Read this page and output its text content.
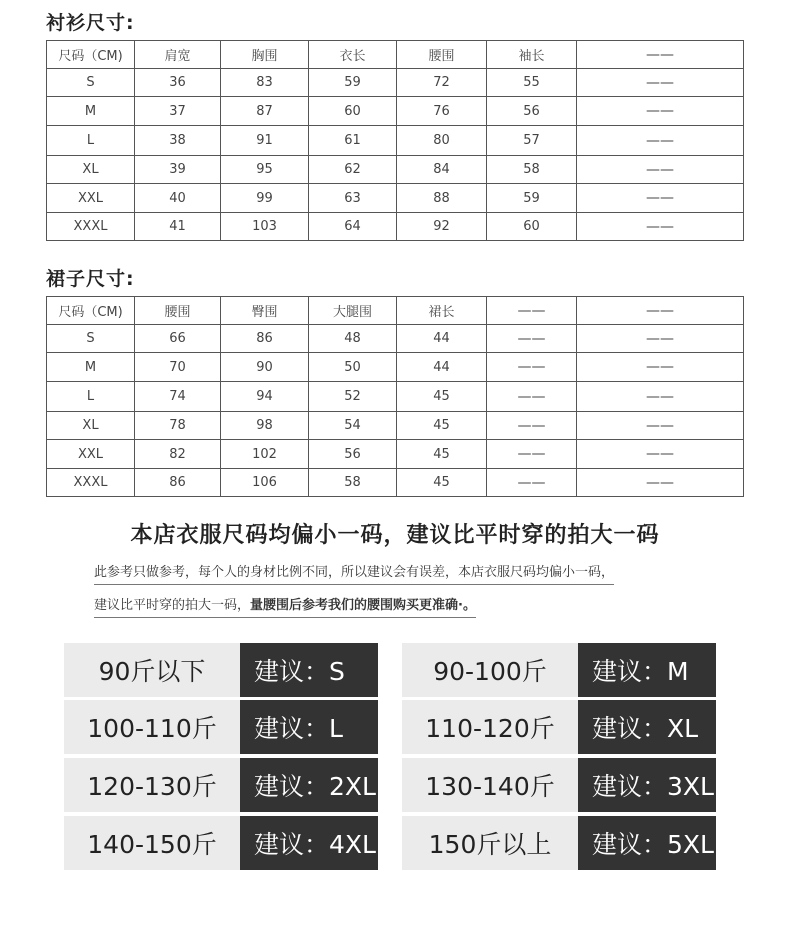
衬衫尺寸:
尺码（CM)	肩宽	胸围	衣长	腰围	袖长	——
S	36	83	59	72	55	——
M	37	87	60	76	56	——
L	38	91	61	80	57	——
XL	39	95	62	84	58	——
XXL	40	99	63	88	59	——
XXXL	41	103	64	92	60	——
裙子尺寸:
尺码（CM)	腰围	臀围	大腿围	裙长	——	——
S	66	86	48	44	——	——
M	70	90	50	44	——	——
L	74	94	52	45	——	——
XL	78	98	54	45	——	——
XXL	82	102	56	45	——	——
XXXL	86	106	58	45	——	——
本店衣服尺码均偏小一码，建议比平时穿的拍大一码
此参考只做参考，每个人的身材比例不同，所以建议会有误差，本店衣服尺码均偏小一码，
建议比平时穿的拍大一码，量腰围后参考我们的腰围购买更准确·。
90斤以下	建议：S	90-100斤	建议：M
100-110斤	建议：L	110-120斤	建议：XL
120-130斤	建议：2XL	130-140斤	建议：3XL
140-150斤	建议：4XL	150斤以上	建议：5XL
